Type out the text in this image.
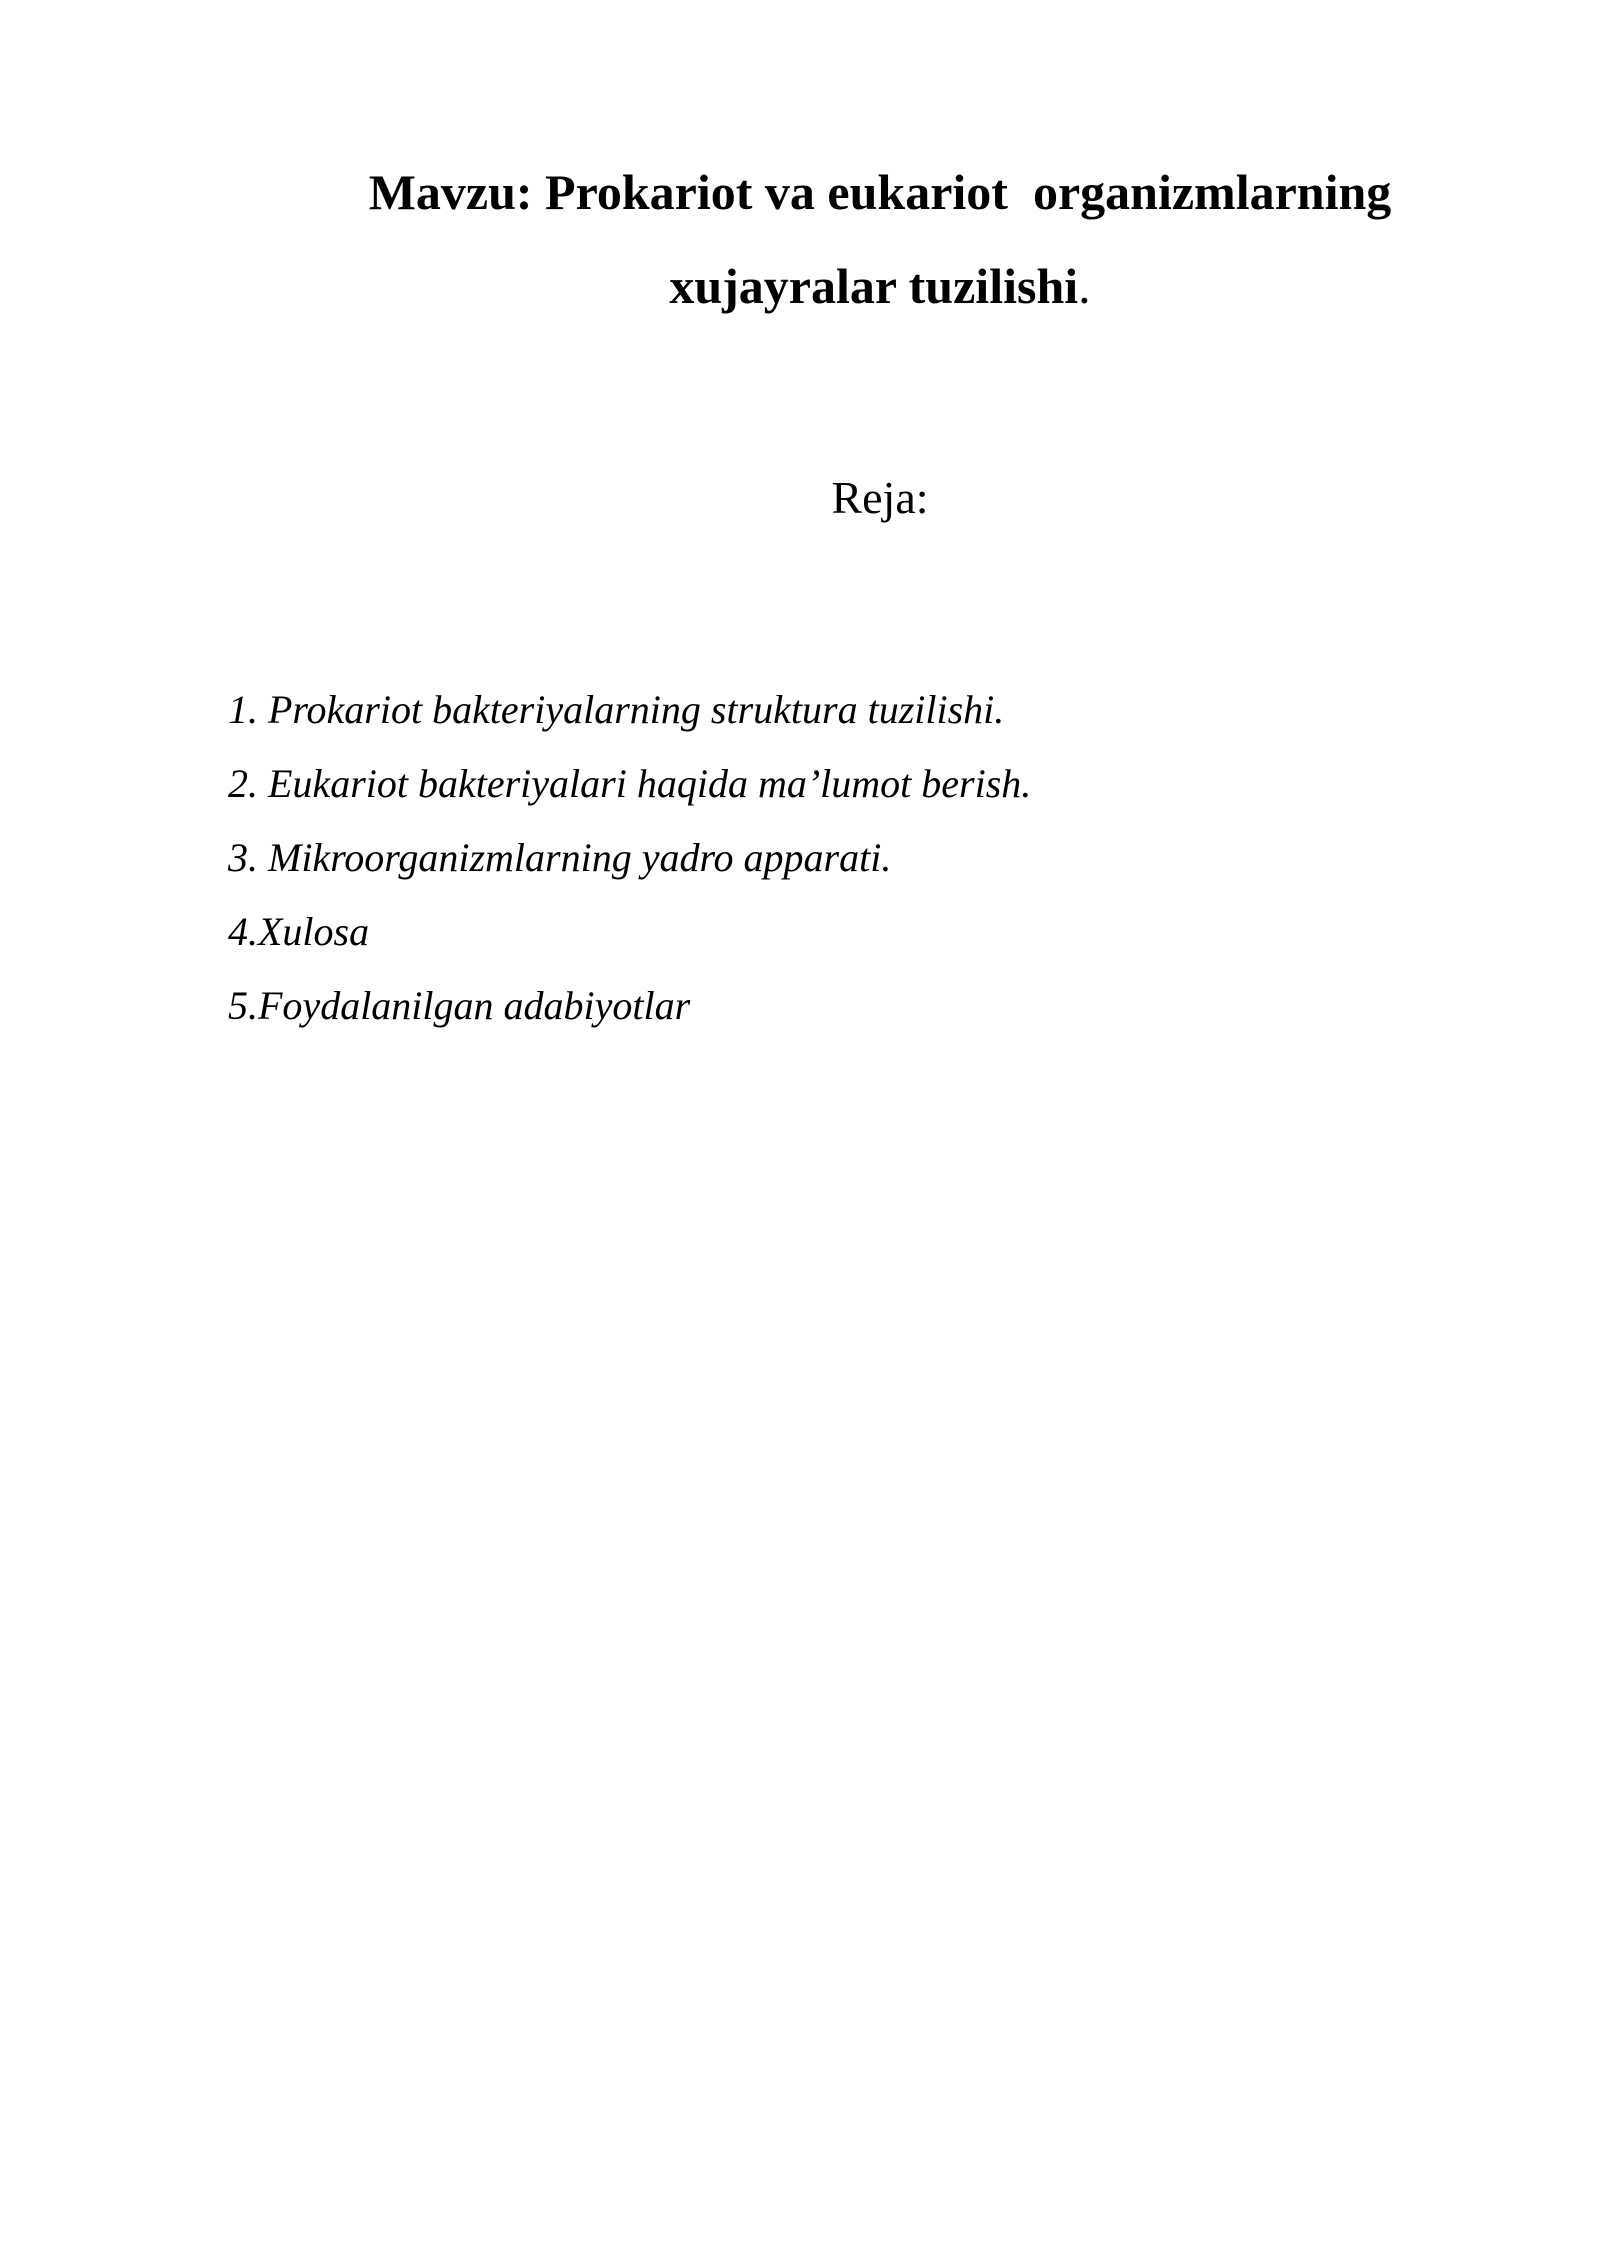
Mavzu: Prokariot va eukariot  organizmlarning
xujayralar tuzilishi.
Reja:
1. Prokariot bakteriyalarning struktura tuzilishi.
2. Eukariot bakteriyalari haqida ma’lumot berish.
3. Mikroorganizmlarning yadro apparati.
4.Xulosa
5.Foydalanilgan adabiyotlar
